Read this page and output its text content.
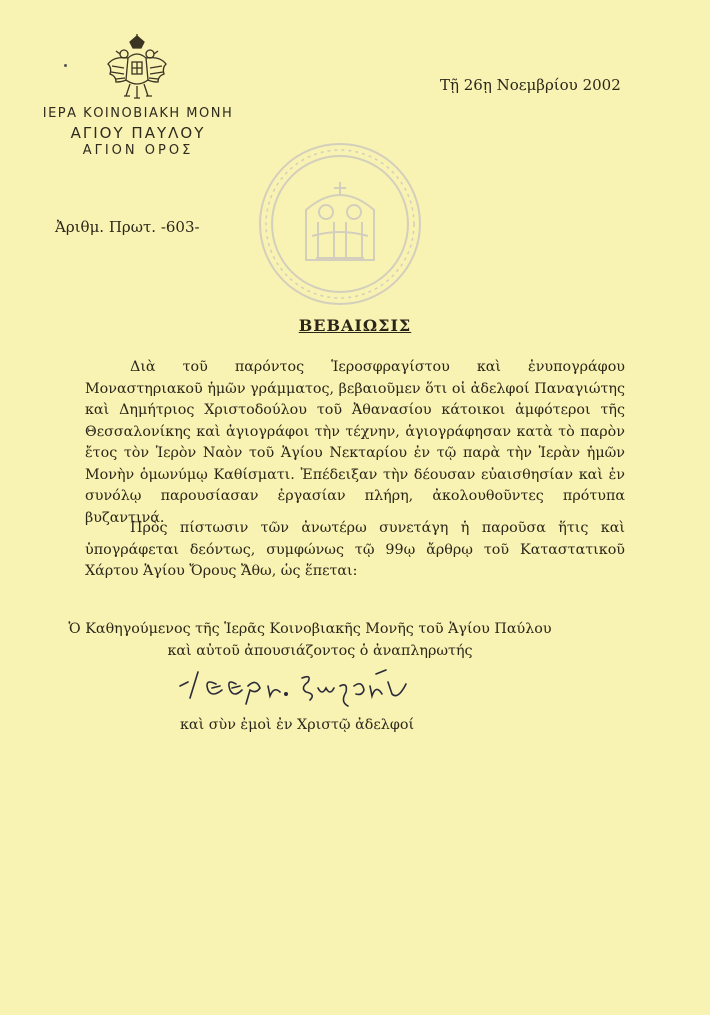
ΙΕΡΑ ΚΟΙΝΟΒΙΑΚΗ ΜΟΝΗ
ΑΓΙΟΥ ΠΑΥΛΟΥ
ΑΓΙΟΝ ΟΡΟΣ
Τῇ 26ῃ Νοεμβρίου 2002
Ἀριθμ. Πρωτ. -603-
ΒΕΒΑΙΩΣΙΣ

Διὰ τοῦ παρόντος Ἱεροσφραγίστου καὶ ἐνυπογράφου Μοναστηριακοῦ ἡμῶν γράμματος, βεβαιοῦμεν ὅτι οἱ ἀδελφοί Παναγιώτης καὶ Δημήτριος Χριστοδούλου τοῦ Ἀθανασίου κάτοικοι ἀμφότεροι τῆς Θεσσαλονίκης καὶ ἁγιογράφοι τὴν τέχνην, ἁγιογράφησαν κατὰ τὸ παρὸν ἔτος τὸν Ἱερὸν Ναὸν τοῦ Ἁγίου Νεκταρίου ἐν τῷ παρὰ τὴν Ἱερὰν ἡμῶν Μονὴν ὁμωνύμῳ Καθίσματι. Ἐπέδειξαν τὴν δέουσαν εὐαισθησίαν καὶ ἐν συνόλῳ παρουσίασαν ἐργασίαν πλήρη, ἀκολουθοῦντες πρότυπα βυζαντινά.

Πρὸς πίστωσιν τῶν ἀνωτέρω συνετάγη ἡ παροῦσα ἥτις καὶ ὑπογράφεται δεόντως, συμφώνως τῷ 99ῳ ἄρθρῳ τοῦ Καταστατικοῦ Χάρτου Ἁγίου Ὄρους Ἄθω, ὡς ἕπεται:

Ὁ Καθηγούμενος τῆς Ἱερᾶς Κοινοβιακῆς Μονῆς τοῦ Ἁγίου Παύλου
καὶ αὐτοῦ ἀπουσιάζοντος ὁ ἀναπληρωτής
καὶ σὺν ἐμοὶ ἐν Χριστῷ ἀδελφοί
